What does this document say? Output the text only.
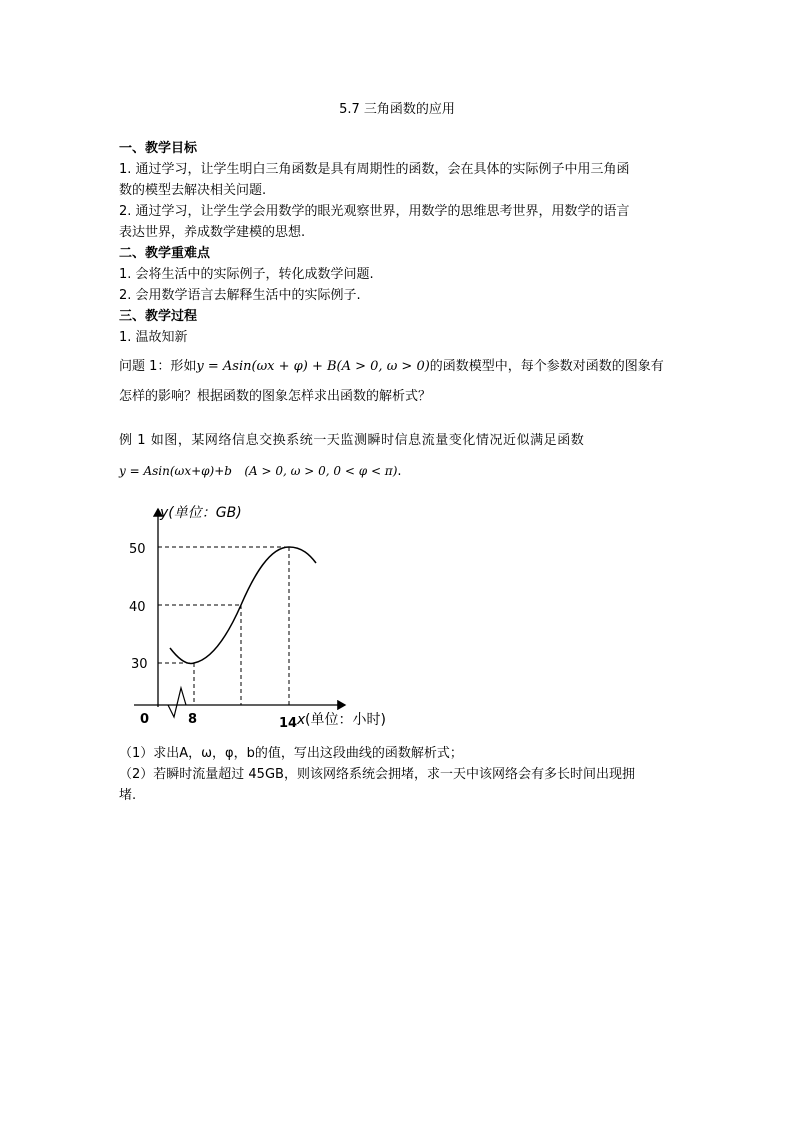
5.7 三角函数的应用
一、教学目标
1. 通过学习，让学生明白三角函数是具有周期性的函数，会在具体的实际例子中用三角函
数的模型去解决相关问题.
2. 通过学习，让学生学会用数学的眼光观察世界，用数学的思维思考世界，用数学的语言
表达世界，养成数学建模的思想.
二、教学重难点
1. 会将生活中的实际例子，转化成数学问题.
2. 会用数学语言去解释生活中的实际例子.
三、教学过程
1. 温故知新
问题 1：形如y = Asin(ωx + φ) + B(A > 0, ω > 0)的函数模型中，每个参数对函数的图象有
怎样的影响？根据函数的图象怎样求出函数的解析式？
例 1 如图，某网络信息交换系统一天监测瞬时信息流量变化情况近似满足函数
y = Asin(ωx+φ)+b (A > 0, ω > 0, 0 < φ < π).
y(单位：GB)
50
40
30
0	8	14 x (单位：小时)
（1）求出A，ω，φ，b的值，写出这段曲线的函数解析式；
（2）若瞬时流量超过 45GB，则该网络系统会拥堵，求一天中该网络会有多长时间出现拥
堵.
